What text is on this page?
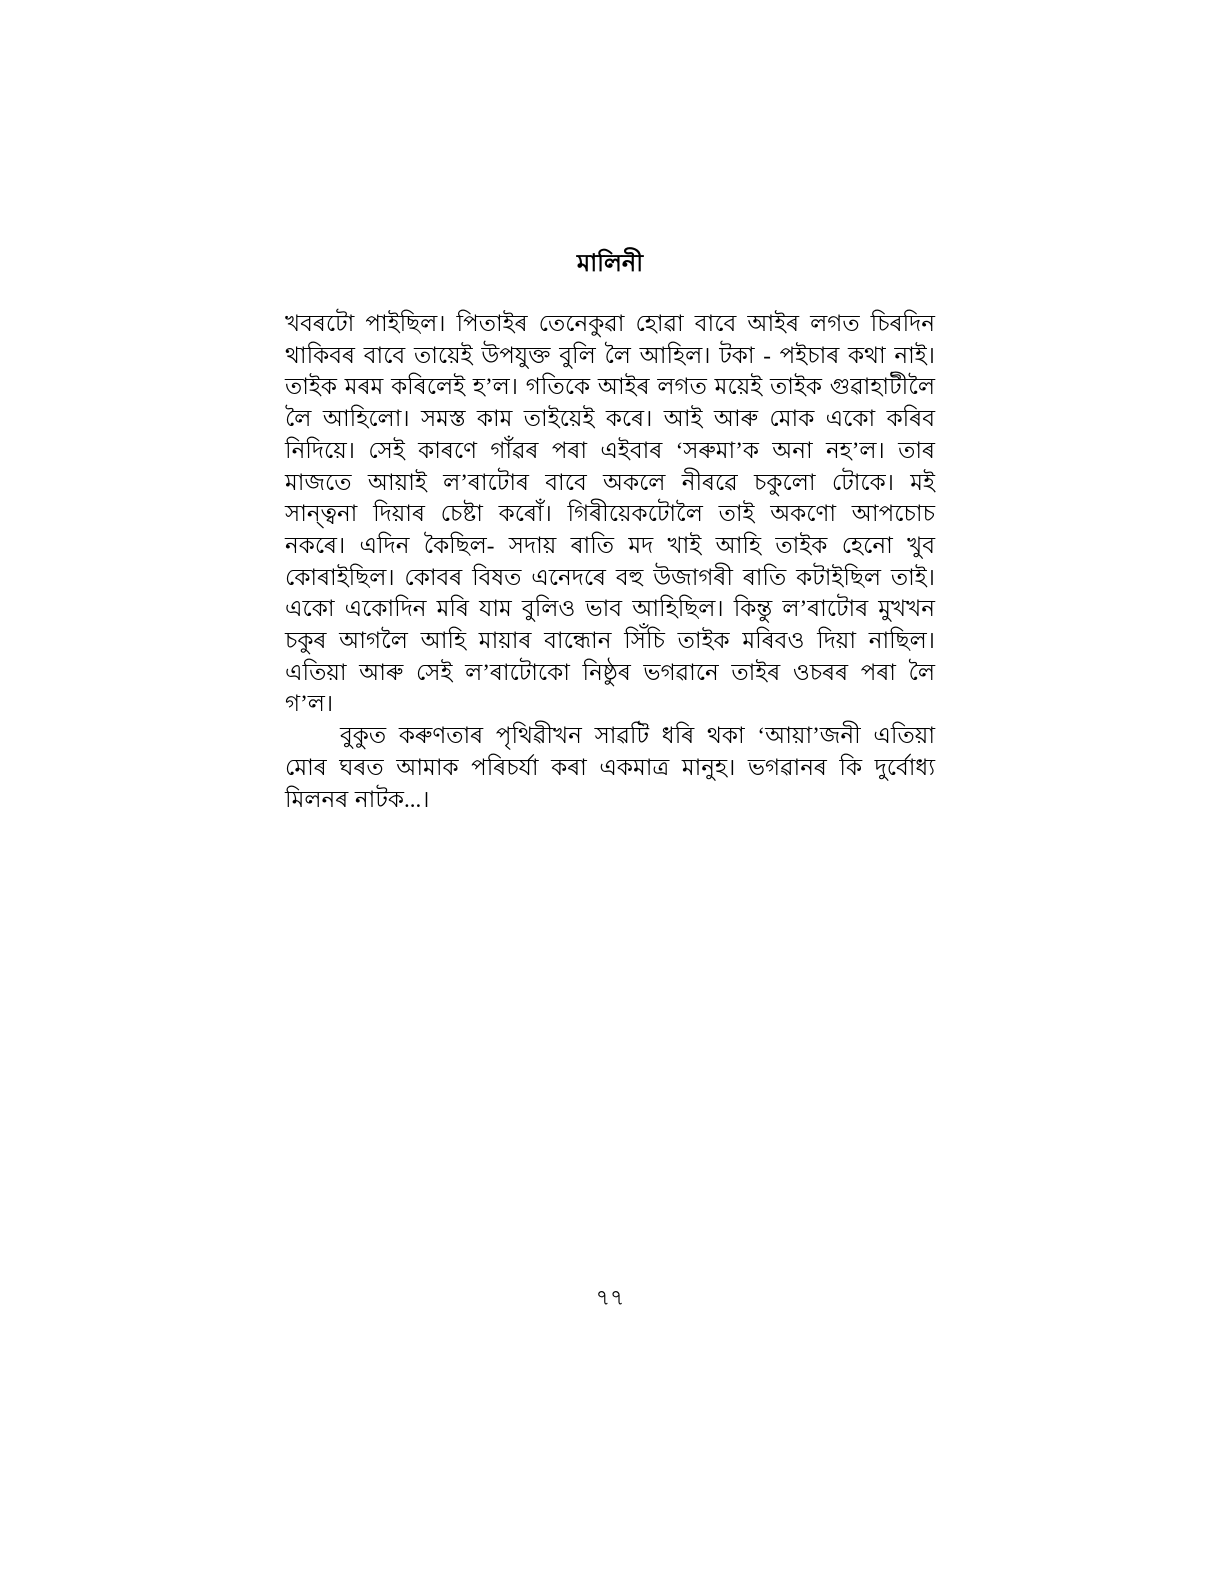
মালিনী

খবৰটো পাইছিল। পিতাইৰ তেনেকুৱা হোৱা বাবে আইৰ লগত চিৰদিন থাকিবৰ বাবে তায়েই উপযুক্ত বুলি লৈ আহিল। টকা - পইচাৰ কথা নাই। তাইক মৰম কৰিলেই হ’ল। গতিকে আইৰ লগত ময়েই তাইক গুৱাহাটীলৈ লৈ আহিলো। সমস্ত কাম তাইয়েই কৰে। আই আৰু মোক একো কৰিব নিদিয়ে। সেই কাৰণে গাঁৱৰ পৰা এইবাৰ ‘সৰুমা’ক অনা নহ’ল। তাৰ মাজতে আয়াই ল’ৰাটোৰ বাবে অকলে নীৰৱে চকুলো টোকে। মই সান্ত্বনা দিয়াৰ চেষ্টা কৰোঁ। গিৰীয়েকটোলৈ তাই অকণো আপচোচ নকৰে। এদিন কৈছিল- সদায় ৰাতি মদ খাই আহি তাইক হেনো খুব কোৰাইছিল। কোবৰ বিষত এনেদৰে বহু উজাগৰী ৰাতি কটাইছিল তাই। একো একোদিন মৰি যাম বুলিও ভাব আহিছিল। কিন্তু ল’ৰাটোৰ মুখখন চকুৰ আগলৈ আহি মায়াৰ বান্ধোন সিঁচি তাইক মৰিবও দিয়া নাছিল। এতিয়া আৰু সেই ল’ৰাটোকো নিষ্ঠুৰ ভগৱানে তাইৰ ওচৰৰ পৰা লৈ গ’ল।

বুকুত কৰুণতাৰ পৃথিৱীখন সাৱটি ধৰি থকা ‘আয়া’জনী এতিয়া মোৰ ঘৰত আমাক পৰিচৰ্যা কৰা একমাত্ৰ মানুহ। ভগৱানৰ কি দুৰ্বোধ্য মিলনৰ নাটক...।

৭৭
